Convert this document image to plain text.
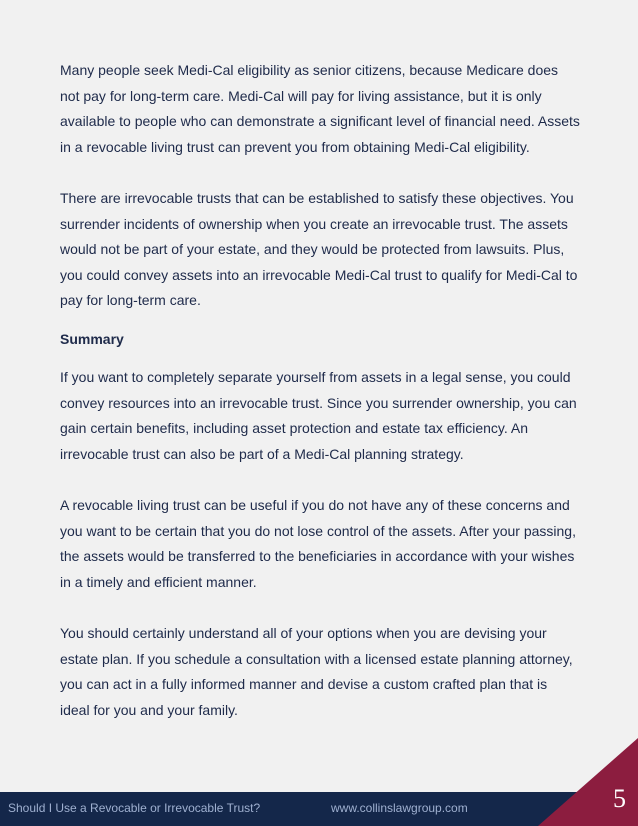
Many people seek Medi-Cal eligibility as senior citizens, because Medicare does not pay for long-term care. Medi-Cal will pay for living assistance, but it is only available to people who can demonstrate a significant level of financial need. Assets in a revocable living trust can prevent you from obtaining Medi-Cal eligibility.

There are irrevocable trusts that can be established to satisfy these objectives. You surrender incidents of ownership when you create an irrevocable trust. The assets would not be part of your estate, and they would be protected from lawsuits. Plus, you could convey assets into an irrevocable Medi-Cal trust to qualify for Medi-Cal to pay for long-term care.

Summary

If you want to completely separate yourself from assets in a legal sense, you could convey resources into an irrevocable trust. Since you surrender ownership, you can gain certain benefits, including asset protection and estate tax efficiency. An irrevocable trust can also be part of a Medi-Cal planning strategy.

A revocable living trust can be useful if you do not have any of these concerns and you want to be certain that you do not lose control of the assets. After your passing, the assets would be transferred to the beneficiaries in accordance with your wishes in a timely and efficient manner.

You should certainly understand all of your options when you are devising your estate plan. If you schedule a consultation with a licensed estate planning attorney, you can act in a fully informed manner and devise a custom crafted plan that is ideal for you and your family.

Should I Use a Revocable or Irrevocable Trust?	www.collinslawgroup.com	5
